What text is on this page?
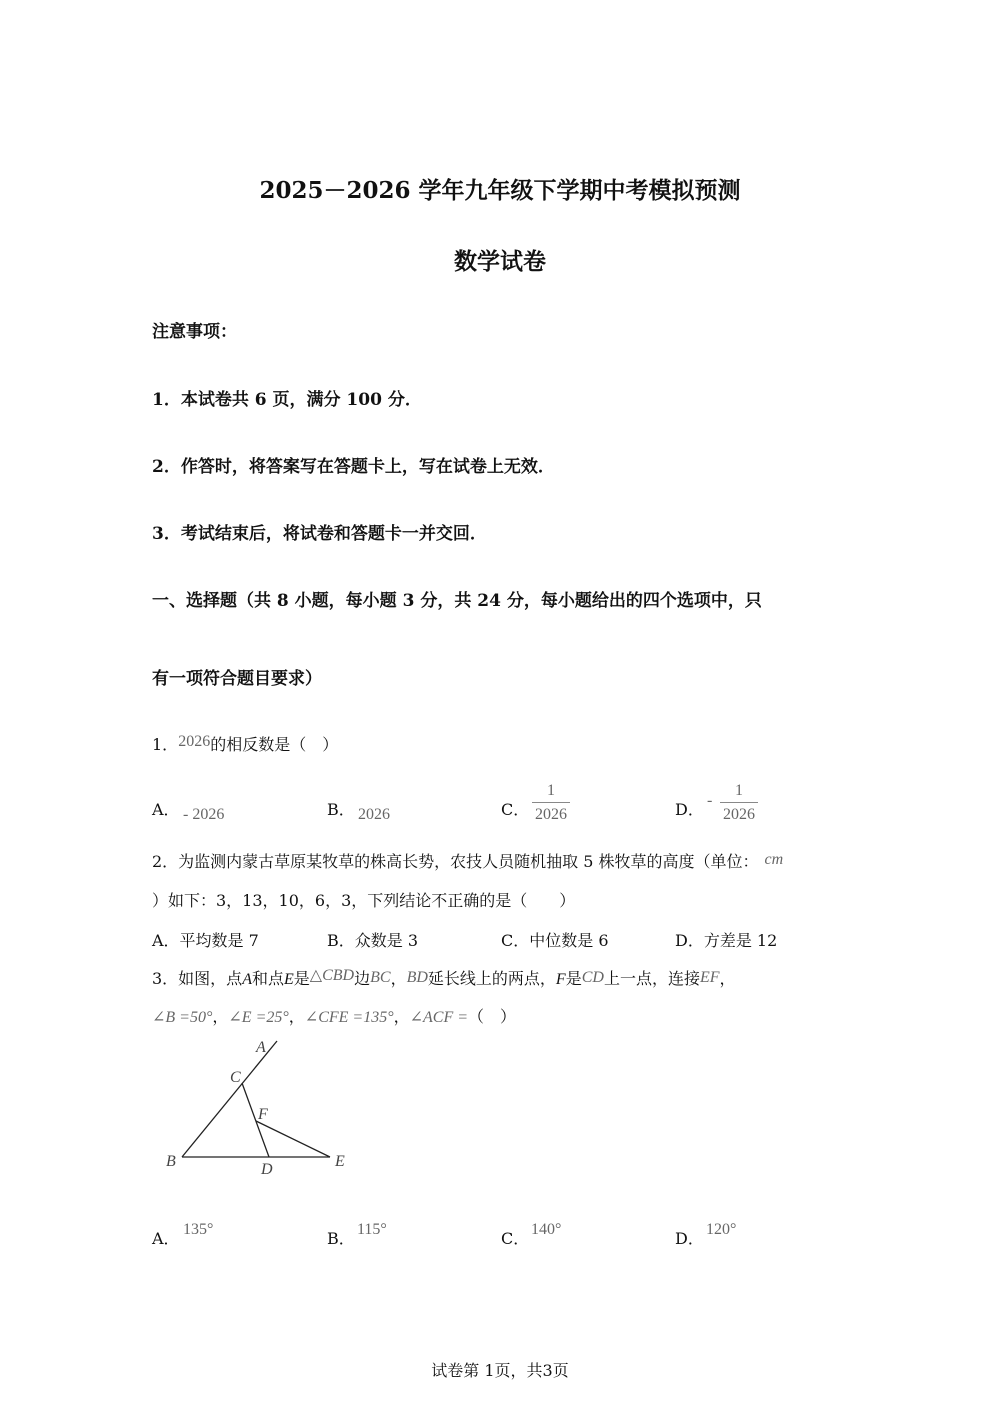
2025－2026 学年九年级下学期中考模拟预测
数学试卷
注意事项：
1．本试卷共 6 页，满分 100 分．
2．作答时，将答案写在答题卡上，写在试卷上无效．
3．考试结束后，将试卷和答题卡一并交回．
一、选择题（共 8 小题，每小题 3 分，共 24 分，每小题给出的四个选项中，只
有一项符合题目要求）
1．2026的相反数是（　）
A． - 2026	B． 2026	C．
1
2026	D． -
1
2026
2．为监测内蒙古草原某牧草的株高长势，农技人员随机抽取 5 株牧草的高度（单位： cm
）如下：3，13，10，6，3，下列结论不正确的是（　　）
A．平均数是 7	B．众数是 3	C．中位数是 6	D．方差是 12
3．如图，点A和点E是△CBD边BC，BD延长线上的两点，F是CD上一点，连接EF，
∠B =50°，∠E =25°，∠CFE =135°，∠ACF =（　）
A
C
F
B	D	E
A． 135°	B． 115°	C． 140°	D． 120°
试卷第 1页，共3页
